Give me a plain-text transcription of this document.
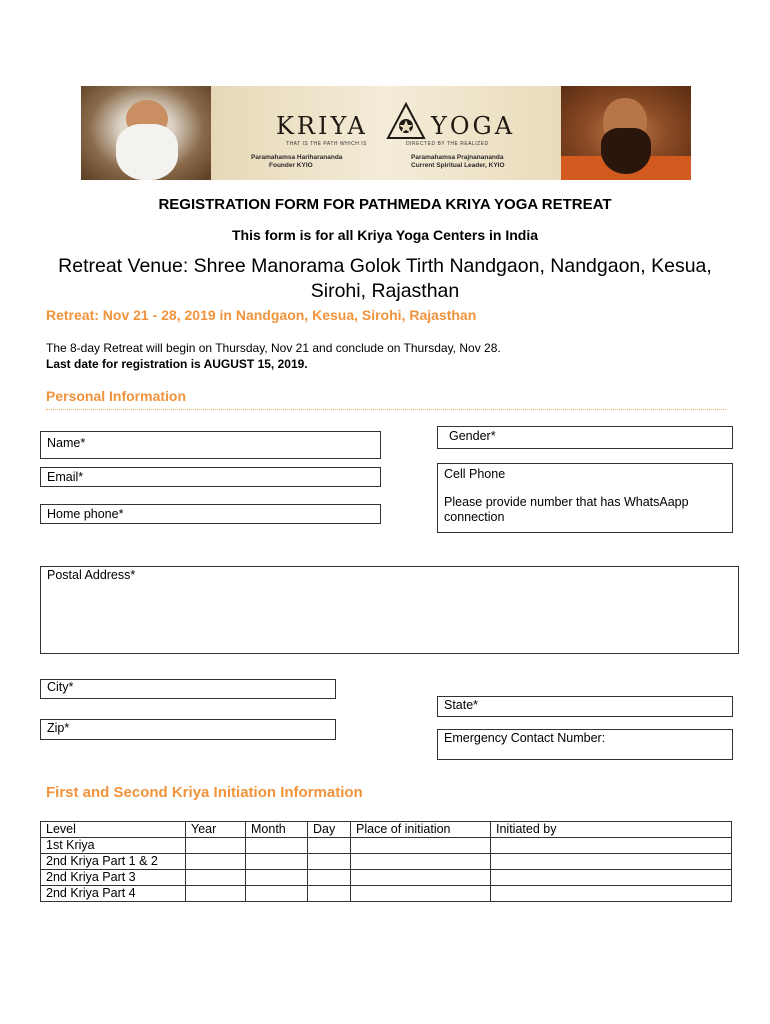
KRIYA	YOGA
THAT IS THE PATH WHICH IS	DIRECTED BY THE REALIZED
Paramahamsa Hariharananda
Founder KYIO
Paramahamsa Prajnanananda
Current Spiritual Leader, KYIO
REGISTRATION FORM FOR PATHMEDA KRIYA YOGA RETREAT
This form is for all Kriya Yoga Centers in India
Retreat Venue: Shree Manorama Golok Tirth Nandgaon, Nandgaon, Kesua, Sirohi, Rajasthan
Retreat: Nov 21 - 28, 2019 in Nandgaon, Kesua, Sirohi, Rajasthan
The 8-day Retreat will begin on Thursday, Nov 21 and conclude on Thursday, Nov 28.
Last date for registration is AUGUST 15, 2019.
Personal Information
Name*	Gender*
Email*	Cell Phone
Please provide number that has WhatsAapp connection
Home phone*
Postal Address*
City*
State*
Zip*
Emergency Contact Number:
First and Second Kriya Initiation Information
Level	Year	Month	Day	Place of initiation	Initiated by
1st Kriya					
2nd Kriya Part 1 & 2					
2nd Kriya Part 3					
2nd Kriya Part 4					
